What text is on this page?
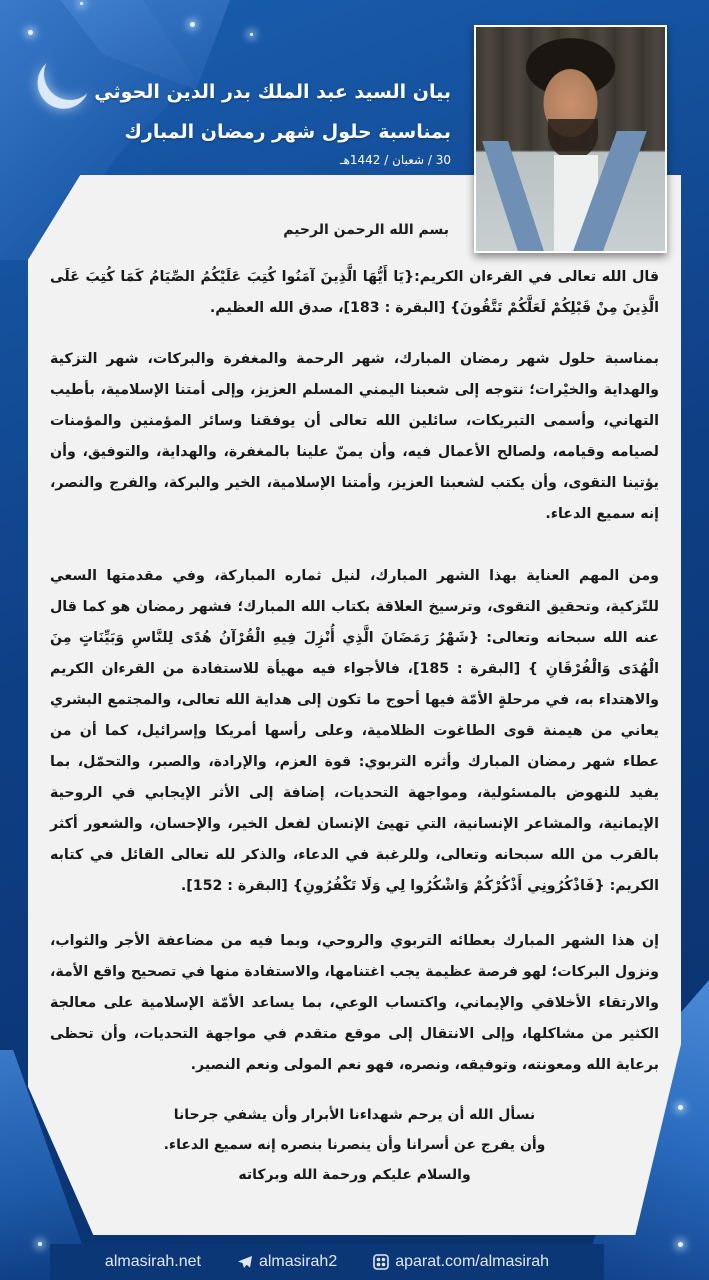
بيان السيد عبد الملك بدر الدين الحوثي
بمناسبة حلول شهر رمضان المبارك
30 / شعبان / 1442هـ
بسم الله الرحمن الرحيم

قال الله تعالى في القرءان الكريم:{يَا أَيُّهَا الَّذِينَ آمَنُوا كُتِبَ عَلَيْكُمُ الصِّيَامُ كَمَا كُتِبَ عَلَى الَّذِينَ مِنْ قَبْلِكُمْ لَعَلَّكُمْ تَتَّقُونَ} [البقرة : 183]، صدق الله العظيم.

بمناسبة حلول شهر رمضان المبارك، شهر الرحمة والمغفرة والبركات، شهر التزكية والهداية والخيْرات؛ نتوجه إلى شعبنا اليمني المسلم العزيز، وإلى أمتنا الإسلامية، بأطيب التهاني، وأسمى التبريكات، سائلين الله تعالى أن يوفقنا وسائر المؤمنين والمؤمنات لصيامه وقيامه، ولصالح الأعمال فيه، وأن يمنّ علينا بالمغفرة، والهداية، والتوفيق، وأن يؤتينا التقوى، وأن يكتب لشعبنا العزيز، وأمتنا الإسلامية، الخير والبركة، والفرج والنصر، إنه سميع الدعاء.

ومن المهم العناية بهذا الشهر المبارك، لنيل ثماره المباركة، وفي مقدمتها السعي للتّزكية، وتحقيق التقوى، وترسيخ العلاقة بكتاب الله المبارك؛ فشهر رمضان هو كما قال عنه الله سبحانه وتعالى: {شَهْرُ رَمَضَانَ الَّذِي أُنْزِلَ فِيهِ الْقُرْآنُ هُدًى لِلنَّاسِ وَبَيِّنَاتٍ مِنَ الْهُدَى وَالْفُرْقَانِ } [البقرة : 185]، فالأجواء فيه مهيأة للاستفادة من القرءان الكريم والاهتداء به، في مرحلةٍ الأمّة فيها أحوج ما تكون إلى هداية الله تعالى، والمجتمع البشري يعاني من هيمنة قوى الطاغوت الظلامية، وعلى رأسها أمريكا وإسرائيل، كما أن من عطاء شهر رمضان المبارك وأثره التربوي: قوة العزم، والإرادة، والصبر، والتحمّل، بما يفيد للنهوض بالمسئولية، ومواجهة التحديات، إضافة إلى الأثر الإيجابي في الروحية الإيمانية، والمشاعر الإنسانية، التي تهيئ الإنسان لفعل الخير، والإحسان، والشعور أكثر بالقرب من الله سبحانه وتعالى، وللرغبة في الدعاء، والذكر لله تعالى القائل في كتابه الكريم: {فَاذْكُرُونِي أَذْكُرْكُمْ وَاشْكُرُوا لِي وَلَا تَكْفُرُونِ} [البقرة : 152].

إن هذا الشهر المبارك بعطائه التربوي والروحي، وبما فيه من مضاعفة الأجر والثواب، ونزول البركات؛ لهو فرصة عظيمة يجب اغتنامها، والاستفادة منها في تصحيح واقع الأمة، والارتقاء الأخلاقي والإيماني، واكتساب الوعي، بما يساعد الأمّة الإسلامية على معالجة الكثير من مشاكلها، وإلى الانتقال إلى موقع متقدم في مواجهة التحديات، وأن تحظى برعاية الله ومعونته، وتوفيقه، ونصره، فهو نعم المولى ونعم النصير.

نسأل الله أن يرحم شهداءنا الأبرار وأن يشفي جرحانا
وأن يفرج عن أسرانا وأن ينصرنا بنصره إنه سميع الدعاء.
والسلام عليكم ورحمة الله وبركاته
almasirah.net	almasirah2	aparat.com/almasirah
